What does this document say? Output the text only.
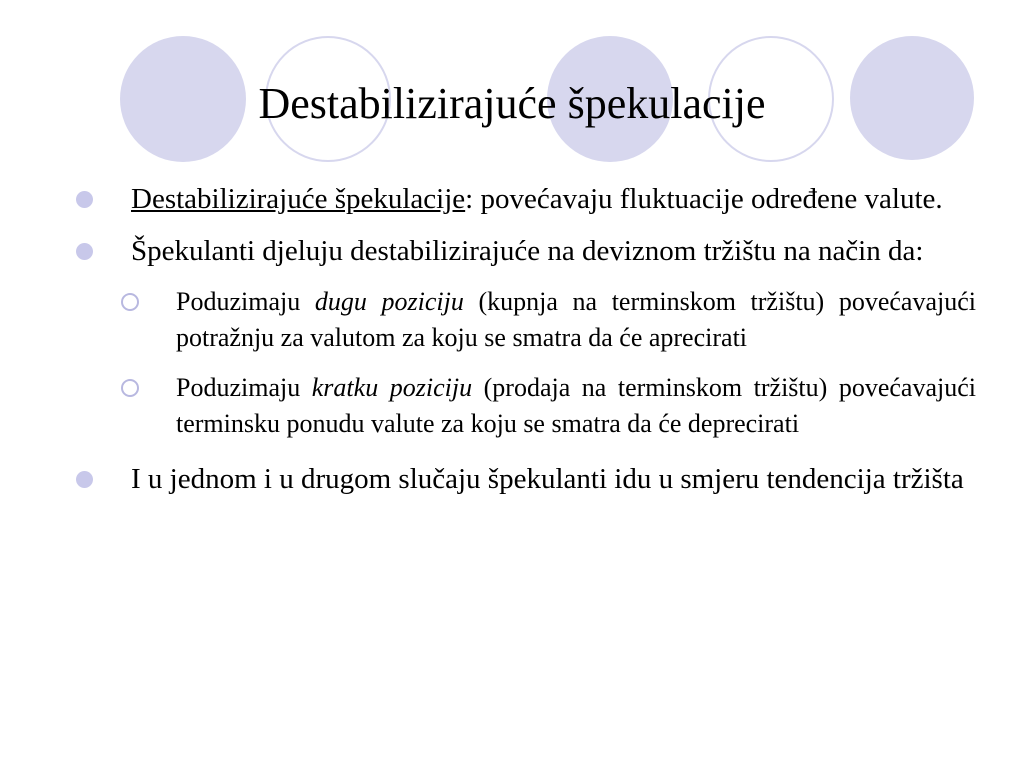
Destabilizirajuće špekulacije

Destabilizirajuće špekulacije: povećavaju fluktuacije određene valute.

Špekulanti djeluju destabilizirajuće na deviznom tržištu na način da:

Poduzimaju dugu poziciju (kupnja na terminskom tržištu) povećavajući potražnju za valutom za koju se smatra da će aprecirati

Poduzimaju kratku poziciju (prodaja na terminskom tržištu) povećavajući terminsku ponudu valute za koju se smatra da će deprecirati

I u jednom i u drugom slučaju špekulanti idu u smjeru tendencija tržišta
